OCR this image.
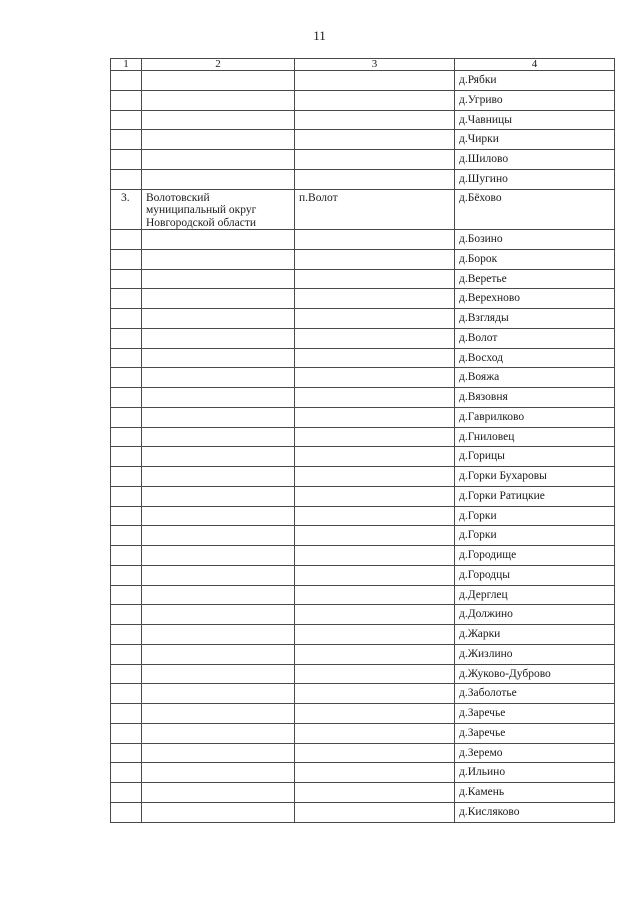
11
1	2	3	4
			д.Рябки
			д.Угриво
			д.Чавницы
			д.Чирки
			д.Шилово
			д.Шугино
3.	Волотовский муниципальный округ Новгородской области	п.Волот	д.Бёхово
			д.Бозино
			д.Борок
			д.Веретье
			д.Верехново
			д.Взгляды
			д.Волот
			д.Восход
			д.Вояжа
			д.Вязовня
			д.Гаврилково
			д.Гниловец
			д.Горицы
			д.Горки Бухаровы
			д.Горки Ратицкие
			д.Горки
			д.Горки
			д.Городище
			д.Городцы
			д.Дерглец
			д.Должино
			д.Жарки
			д.Жизлино
			д.Жуково-Дуброво
			д.Заболотье
			д.Заречье
			д.Заречье
			д.Зеремо
			д.Ильино
			д.Камень
			д.Кисляково
